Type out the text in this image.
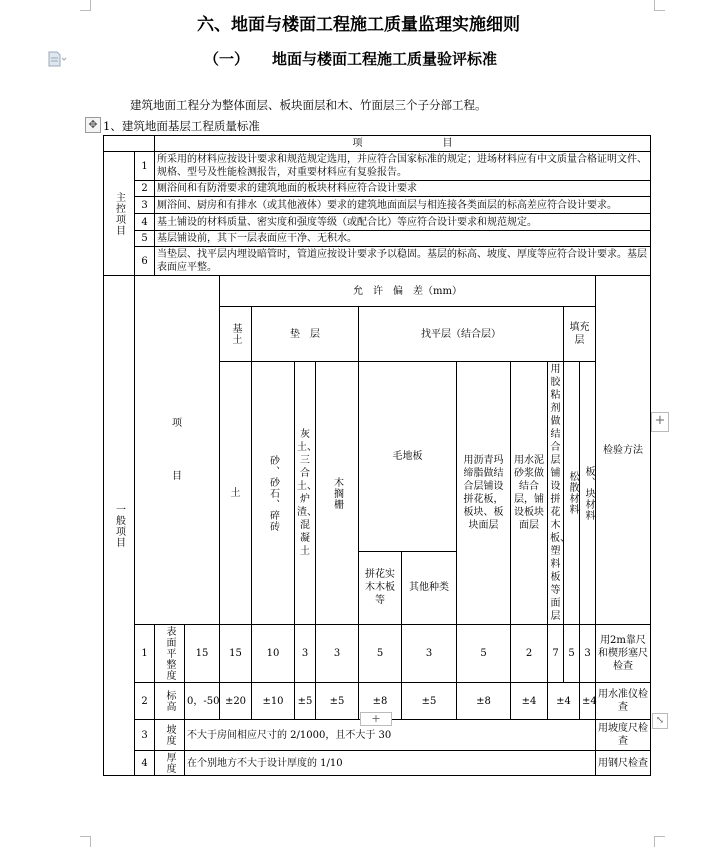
六、地面与楼面工程施工质量监理实施细则
（一） 地面与楼面工程施工质量验评标准
建筑地面工程分为整体面层、板块面层和木、竹面层三个子分部工程。
✥ 1、建筑地面基层工程质量标准
		项　　　　　　　　目														

主控项目	1	所采用的材料应按设计要求和规范规定选用，并应符合国家标准的规定；进场材料应有中文质量合格证明文件、规格、型号及性能检测报告，对重要材料应有复验报告。														
	2	厕浴间和有防滑要求的建筑地面的板块材料应符合设计要求														
	3	厕浴间、厨房和有排水（或其他液体）要求的建筑地面面层与相连接各类面层的标高差应符合设计要求。														
	4	基土铺设的材料质量、密实度和强度等级（或配合比）等应符合设计要求和规范规定。														
	5	基层铺设前，其下一层表面应干净、无积水。														
	6	当垫层、找平层内埋设暗管时，管道应按设计要求予以稳固。基层的标高、坡度、厚度等应符合设计要求。基层表面应平整。														

一般项目	项
目			允　许　偏　差（mm）											检验方法	

				基土	垫　层			找平层（结合层）					填充层	

				土	砂、砂石、碎砖	灰土、三合土、炉渣、混凝土	木搁栅	毛地板		用沥青玛缔脂做结合层铺设拼花板，板块、板块面层	用水泥砂浆做结合层，铺设板块面层	用胶粘剂做结合层铺设拼花木板、塑料板等面层	松散材料	板、块材料

								拼花实木木板等	其他种类							
	1	表面平整度	15	15	10	3	3	5	3	5	2	7	5	3	用2m靠尺和楔形塞尺检查	
	2	标高	0，-50	±20	±10	±5	±5	±8	±5	±8	±4	±4		±4	用水准仪检查	
	3	坡度	不大于房间相应尺寸的 2/1000，且不大于 30												用坡度尺检查	
	4	厚度	在个别地方不大于设计厚度的 1/10												用钢尺检查	
+
+	⤡
